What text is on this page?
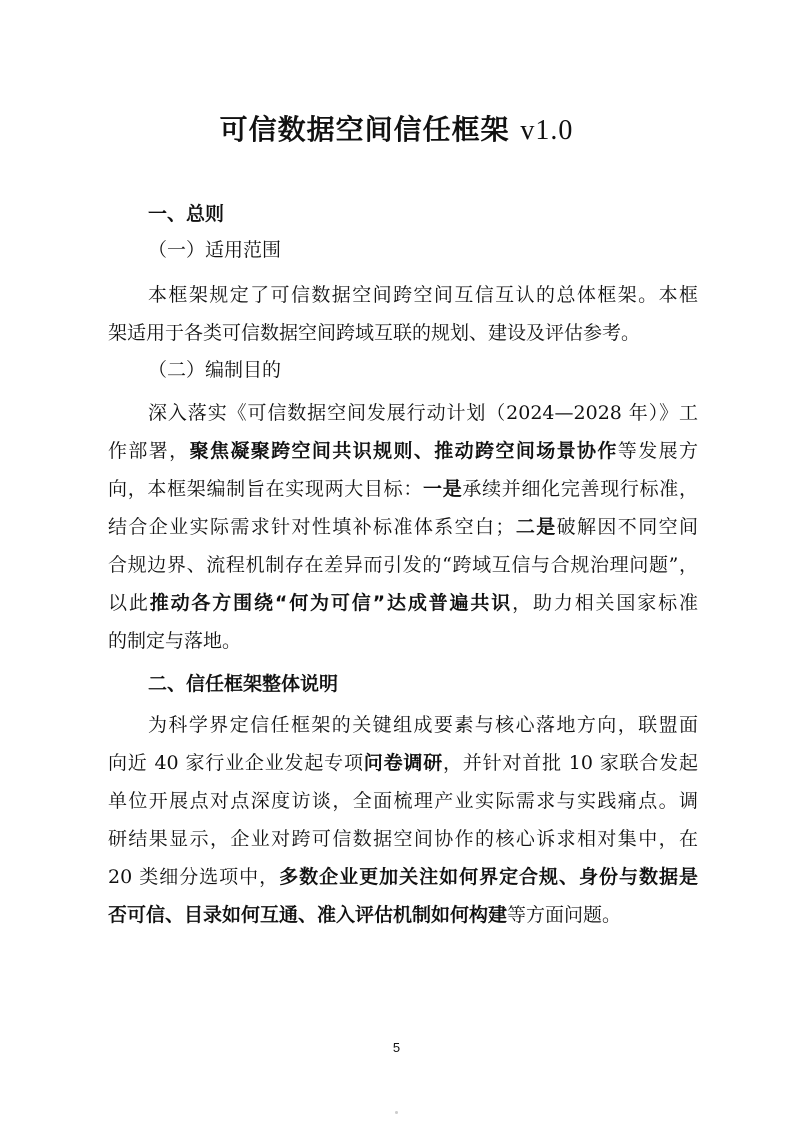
可信数据空间信任框架 v1.0
一、总则
（一）适用范围
本框架规定了可信数据空间跨空间互信互认的总体框架。本框
架适用于各类可信数据空间跨域互联的规划、建设及评估参考。
（二）编制目的
深入落实《可信数据空间发展行动计划（2024—2028 年）》工
作部署，聚焦凝聚跨空间共识规则、推动跨空间场景协作等发展方
向，本框架编制旨在实现两大目标：一是承续并细化完善现行标准，
结合企业实际需求针对性填补标准体系空白；二是破解因不同空间
合规边界、流程机制存在差异而引发的“跨域互信与合规治理问题”，
以此推动各方围绕“何为可信”达成普遍共识，助力相关国家标准
的制定与落地。
二、信任框架整体说明
为科学界定信任框架的关键组成要素与核心落地方向，联盟面
向近 40 家行业企业发起专项问卷调研，并针对首批 10 家联合发起
单位开展点对点深度访谈，全面梳理产业实际需求与实践痛点。调
研结果显示，企业对跨可信数据空间协作的核心诉求相对集中，在
20 类细分选项中，多数企业更加关注如何界定合规、身份与数据是
否可信、目录如何互通、准入评估机制如何构建等方面问题。
5
